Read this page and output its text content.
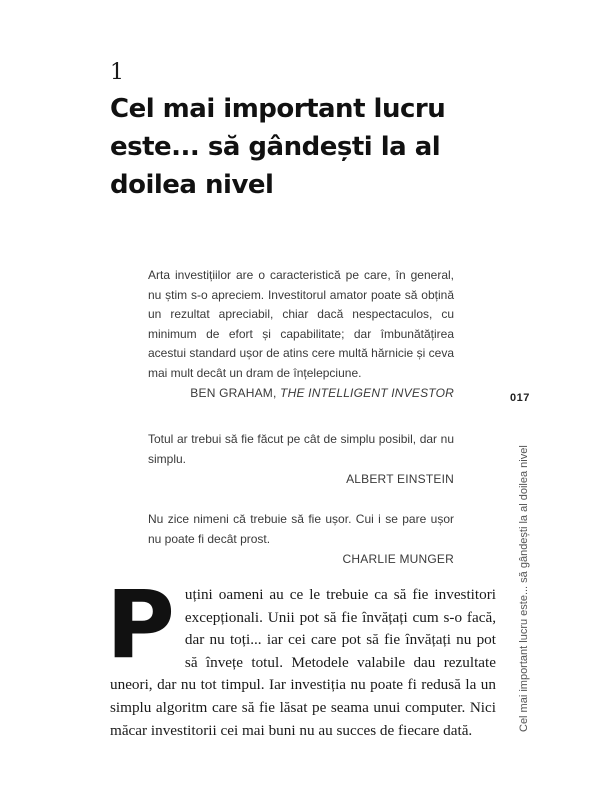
1
Cel mai important lucru este... să gândești la al doilea nivel

Arta investițiilor are o caracteristică pe care, în general, nu știm s-o apreciem. Investitorul amator poate să obțină un rezultat apreciabil, chiar dacă nespectaculos, cu minimum de efort și capabilitate; dar îmbunătățirea acestui standard ușor de atins cere multă hărnicie și ceva mai mult decât un dram de înțelepciune.

BEN GRAHAM, THE INTELLIGENT INVESTOR	017

Totul ar trebui să fie făcut pe cât de simplu posibil, dar nu simplu.

ALBERT EINSTEIN

Nu zice nimeni că trebuie să fie ușor. Cui i se pare ușor nu poate fi decât prost.

CHARLIE MUNGER	Cel mai important lucru este... să gândești la al doilea nivel

Puțini oameni au ce le trebuie ca să fie investitori excepționali. Unii pot să fie învățați cum s-o facă, dar nu toți... iar cei care pot să fie învățați nu pot să învețe totul. Metodele valabile dau rezultate uneori, dar nu tot timpul. Iar investiția nu poate fi redusă la un simplu algoritm care să fie lăsat pe seama unui computer. Nici măcar investitorii cei mai buni nu au succes de fiecare dată.
